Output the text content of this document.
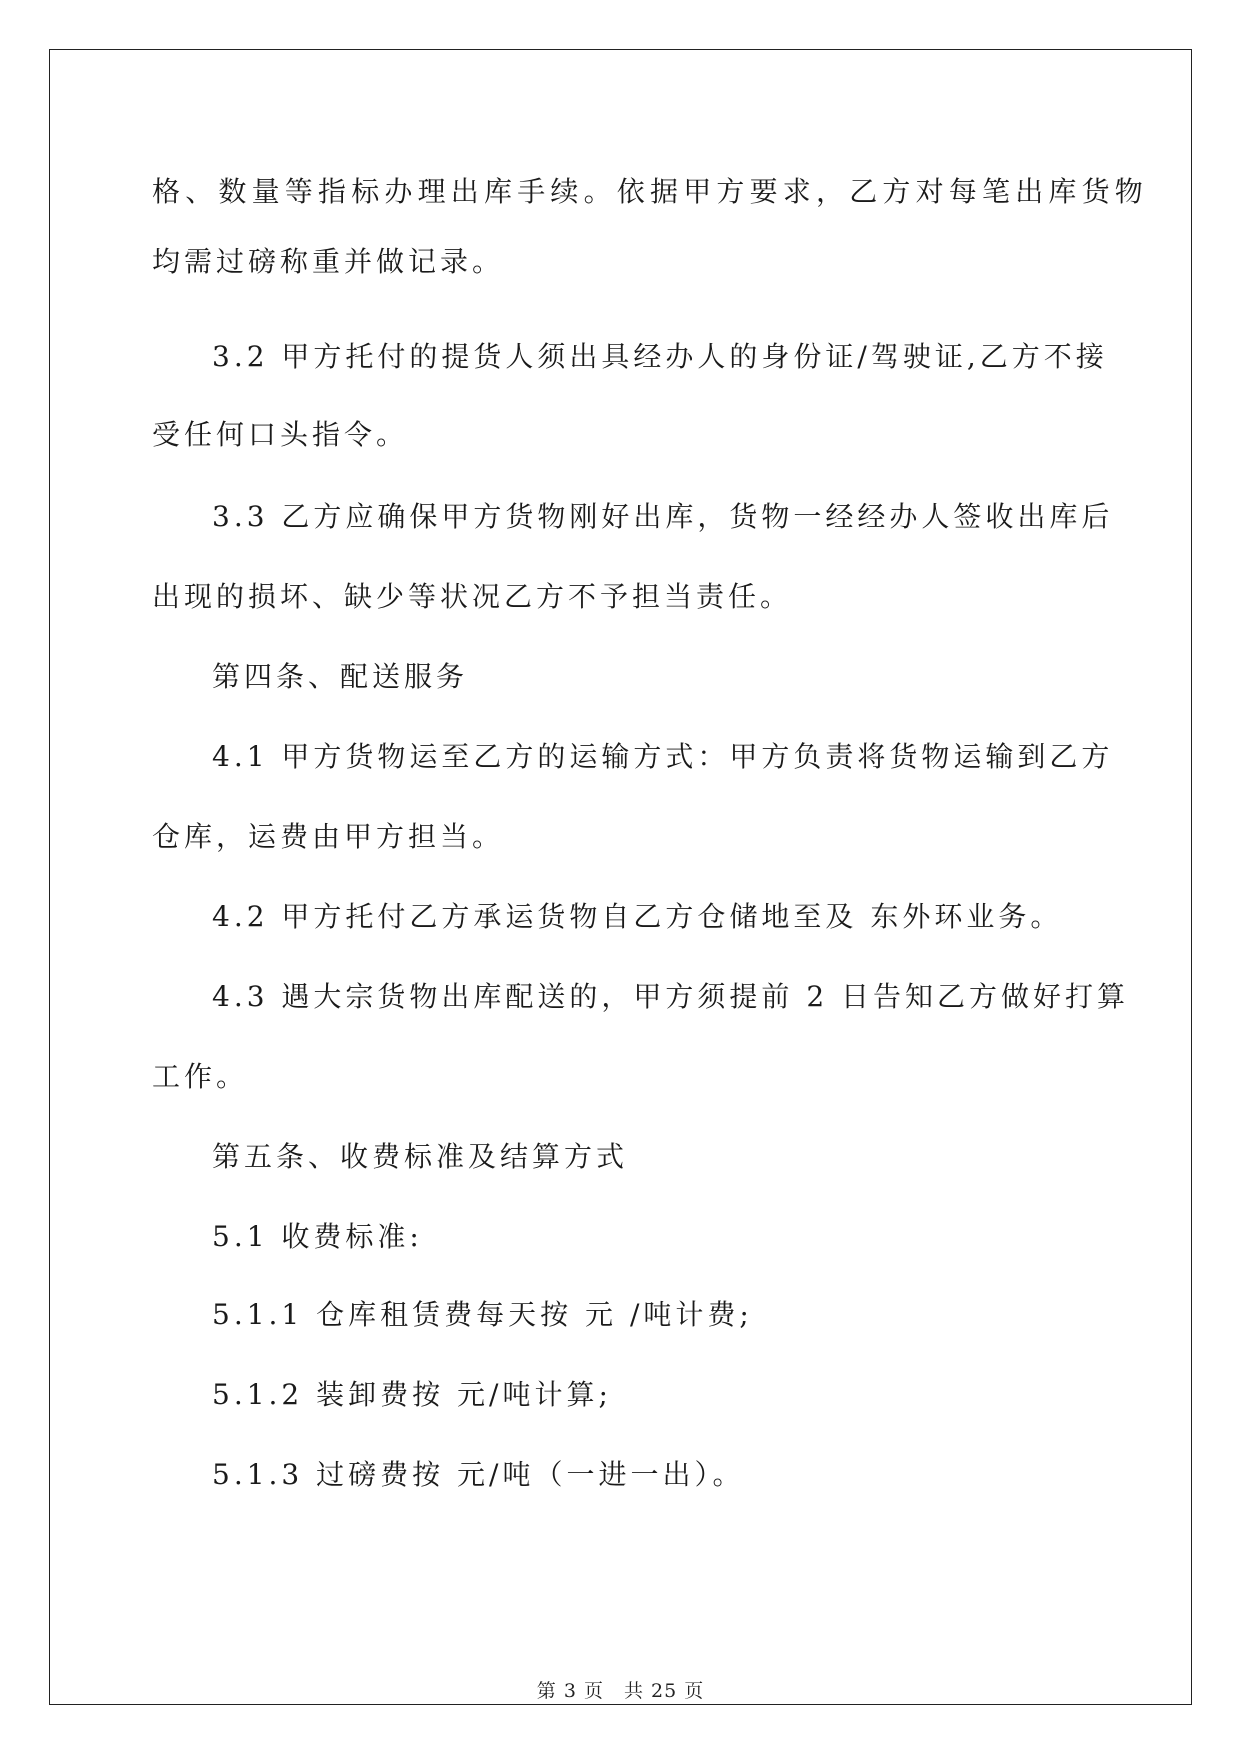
格、数量等指标办理出库手续。依据甲方要求，乙方对每笔出库货物
均需过磅称重并做记录。
3.2 甲方托付的提货人须出具经办人的身份证/驾驶证,乙方不接
受任何口头指令。
3.3 乙方应确保甲方货物刚好出库，货物一经经办人签收出库后
出现的损坏、缺少等状况乙方不予担当责任。
第四条、配送服务
4.1 甲方货物运至乙方的运输方式：甲方负责将货物运输到乙方
仓库，运费由甲方担当。
4.2 甲方托付乙方承运货物自乙方仓储地至及 东外环业务。
4.3 遇大宗货物出库配送的，甲方须提前 2 日告知乙方做好打算
工作。
第五条、收费标准及结算方式
5.1 收费标准:
5.1.1 仓库租赁费每天按 元 /吨计费;
5.1.2 装卸费按 元/吨计算;
5.1.3 过磅费按 元/吨（一进一出）。
第 3 页　共 25 页
